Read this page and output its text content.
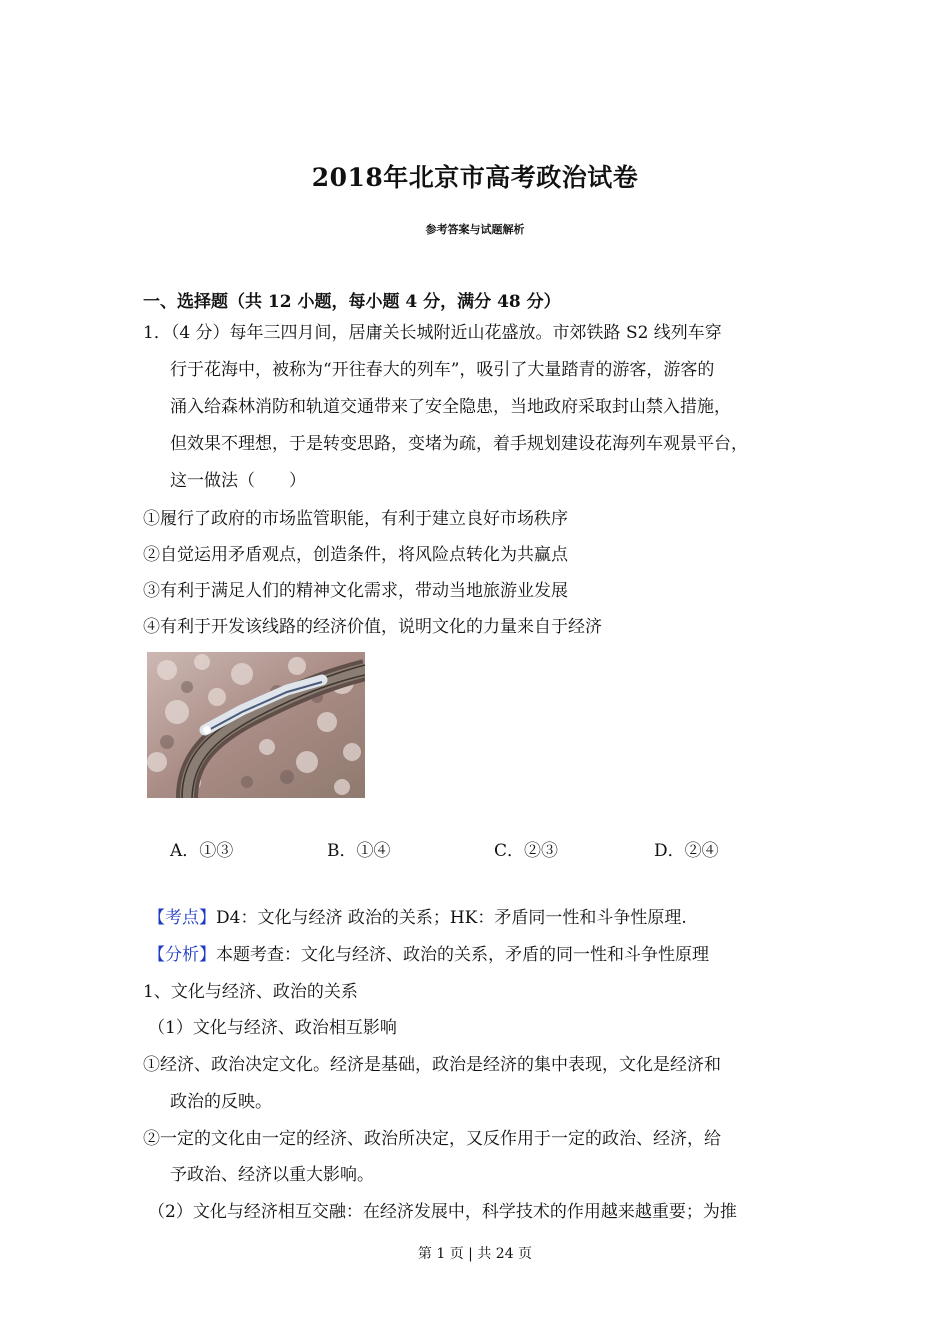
2018年北京市高考政治试卷
参考答案与试题解析
一、选择题（共 12 小题，每小题 4 分，满分 48 分）
1．（4 分）每年三四月间，居庸关长城附近山花盛放。市郊铁路 S2 线列车穿
行于花海中，被称为“开往春大的列车”，吸引了大量踏青的游客，游客的
涌入给森林消防和轨道交通带来了安全隐患，当地政府采取封山禁入措施，
但效果不理想，于是转变思路，变堵为疏，着手规划建设花海列车观景平台，
这一做法（　　）
①履行了政府的市场监管职能，有利于建立良好市场秩序
②自觉运用矛盾观点，创造条件，将风险点转化为共赢点
③有利于满足人们的精神文化需求，带动当地旅游业发展
④有利于开发该线路的经济价值，说明文化的力量来自于经济
A．①③	B．①④	C．②③	D．②④
【考点】D4：文化与经济 政治的关系；HK：矛盾同一性和斗争性原理.
【分析】本题考查：文化与经济、政治的关系，矛盾的同一性和斗争性原理
1、文化与经济、政治的关系
（1）文化与经济、政治相互影响
①经济、政治决定文化。经济是基础，政治是经济的集中表现，文化是经济和
政治的反映。
②一定的文化由一定的经济、政治所决定，又反作用于一定的政治、经济，给
予政治、经济以重大影响。
（2）文化与经济相互交融：在经济发展中，科学技术的作用越来越重要；为推
第 1 页 | 共 24 页
